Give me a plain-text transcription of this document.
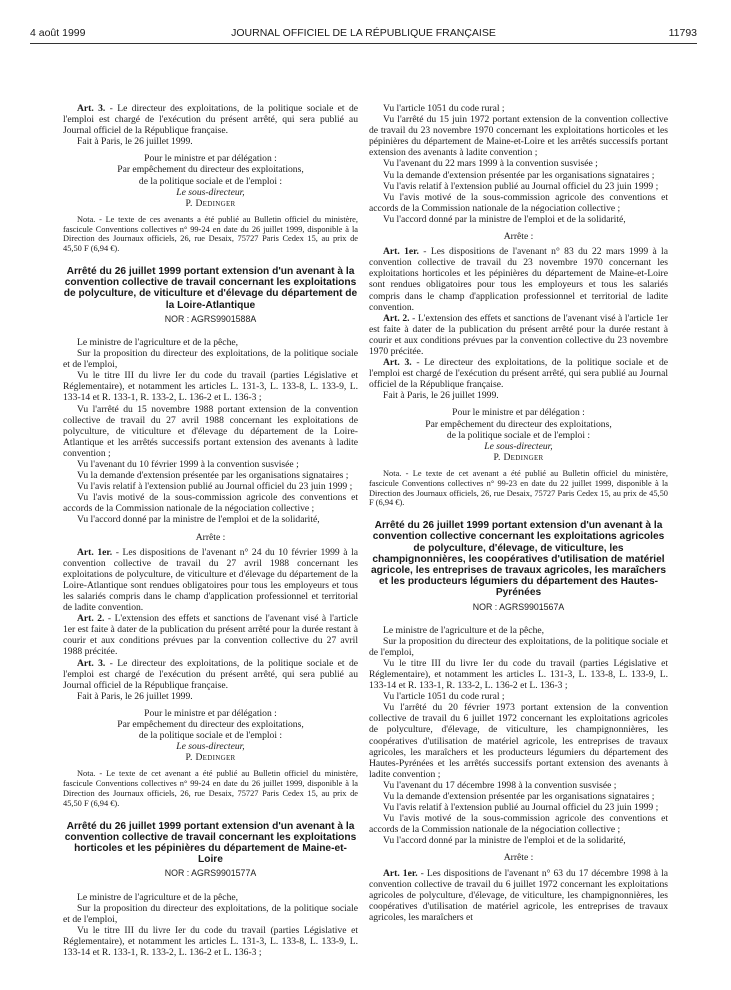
4 août 1999	JOURNAL OFFICIEL DE LA RÉPUBLIQUE FRANÇAISE	11793

Art. 3. - Le directeur des exploitations, de la politique sociale et de l'emploi est chargé de l'exécution du présent arrêté, qui sera publié au Journal officiel de la République française.

Fait à Paris, le 26 juillet 1999.

Pour le ministre et par délégation :

Par empêchement du directeur des exploitations,

de la politique sociale et de l'emploi :

Le sous-directeur,

P. Dedinger

Nota. - Le texte de ces avenants a été publié au Bulletin officiel du ministère, fascicule Conventions collectives n° 99-24 en date du 26 juillet 1999, disponible à la Direction des Journaux officiels, 26, rue Desaix, 75727 Paris Cedex 15, au prix de 45,50 F (6,94 €).

Arrêté du 26 juillet 1999 portant extension d'un avenant à la convention collective de travail concernant les exploitations de polyculture, de viticulture et d'élevage du département de la Loire-Atlantique
NOR : AGRS9901588A

Le ministre de l'agriculture et de la pêche,

Sur la proposition du directeur des exploitations, de la politique sociale et de l'emploi,

Vu le titre III du livre Ier du code du travail (parties Législative et Réglementaire), et notamment les articles L. 131-3, L. 133-8, L. 133-9, L. 133-14 et R. 133-1, R. 133-2, L. 136-2 et L. 136-3 ;

Vu l'arrêté du 15 novembre 1988 portant extension de la convention collective de travail du 27 avril 1988 concernant les exploitations de polyculture, de viticulture et d'élevage du département de la Loire-Atlantique et les arrêtés successifs portant extension des avenants à ladite convention ;

Vu l'avenant du 10 février 1999 à la convention susvisée ;

Vu la demande d'extension présentée par les organisations signataires ;

Vu l'avis relatif à l'extension publié au Journal officiel du 23 juin 1999 ;

Vu l'avis motivé de la sous-commission agricole des conventions et accords de la Commission nationale de la négociation collective ;

Vu l'accord donné par la ministre de l'emploi et de la solidarité,

Arrête :

Art. 1er. - Les dispositions de l'avenant n° 24 du 10 février 1999 à la convention collective de travail du 27 avril 1988 concernant les exploitations de polyculture, de viticulture et d'élevage du département de la Loire-Atlantique sont rendues obligatoires pour tous les employeurs et tous les salariés compris dans le champ d'application professionnel et territorial de ladite convention.

Art. 2. - L'extension des effets et sanctions de l'avenant visé à l'article 1er est faite à dater de la publication du présent arrêté pour la durée restant à courir et aux conditions prévues par la convention collective du 27 avril 1988 précitée.

Art. 3. - Le directeur des exploitations, de la politique sociale et de l'emploi est chargé de l'exécution du présent arrêté, qui sera publié au Journal officiel de la République française.

Fait à Paris, le 26 juillet 1999.

Pour le ministre et par délégation :

Par empêchement du directeur des exploitations,

de la politique sociale et de l'emploi :

Le sous-directeur,

P. Dedinger

Nota. - Le texte de cet avenant a été publié au Bulletin officiel du ministère, fascicule Conventions collectives n° 99-24 en date du 26 juillet 1999, disponible à la Direction des Journaux officiels, 26, rue Desaix, 75727 Paris Cedex 15, au prix de 45,50 F (6,94 €).

Arrêté du 26 juillet 1999 portant extension d'un avenant à la convention collective de travail concernant les exploitations horticoles et les pépinières du département de Maine-et-Loire
NOR : AGRS9901577A

Le ministre de l'agriculture et de la pêche,

Sur la proposition du directeur des exploitations, de la politique sociale et de l'emploi,

Vu le titre III du livre Ier du code du travail (parties Législative et Réglementaire), et notamment les articles L. 131-3, L. 133-8, L. 133-9, L. 133-14 et R. 133-1, R. 133-2, L. 136-2 et L. 136-3 ;

Vu l'article 1051 du code rural ;

Vu l'arrêté du 15 juin 1972 portant extension de la convention collective de travail du 23 novembre 1970 concernant les exploitations horticoles et les pépinières du département de Maine-et-Loire et les arrêtés successifs portant extension des avenants à ladite convention ;

Vu l'avenant du 22 mars 1999 à la convention susvisée ;

Vu la demande d'extension présentée par les organisations signataires ;

Vu l'avis relatif à l'extension publié au Journal officiel du 23 juin 1999 ;

Vu l'avis motivé de la sous-commission agricole des conventions et accords de la Commission nationale de la négociation collective ;

Vu l'accord donné par la ministre de l'emploi et de la solidarité,

Arrête :

Art. 1er. - Les dispositions de l'avenant n° 83 du 22 mars 1999 à la convention collective de travail du 23 novembre 1970 concernant les exploitations horticoles et les pépinières du département de Maine-et-Loire sont rendues obligatoires pour tous les employeurs et tous les salariés compris dans le champ d'application professionnel et territorial de ladite convention.

Art. 2. - L'extension des effets et sanctions de l'avenant visé à l'article 1er est faite à dater de la publication du présent arrêté pour la durée restant à courir et aux conditions prévues par la convention collective du 23 novembre 1970 précitée.

Art. 3. - Le directeur des exploitations, de la politique sociale et de l'emploi est chargé de l'exécution du présent arrêté, qui sera publié au Journal officiel de la République française.

Fait à Paris, le 26 juillet 1999.

Pour le ministre et par délégation :

Par empêchement du directeur des exploitations,

de la politique sociale et de l'emploi :

Le sous-directeur,

P. Dedinger

Nota. - Le texte de cet avenant a été publié au Bulletin officiel du ministère, fascicule Conventions collectives n° 99-23 en date du 22 juillet 1999, disponible à la Direction des Journaux officiels, 26, rue Desaix, 75727 Paris Cedex 15, au prix de 45,50 F (6,94 €).

Arrêté du 26 juillet 1999 portant extension d'un avenant à la convention collective concernant les exploitations agricoles de polyculture, d'élevage, de viticulture, les champignonnières, les coopératives d'utilisation de matériel agricole, les entreprises de travaux agricoles, les maraîchers et les producteurs légumiers du département des Hautes-Pyrénées
NOR : AGRS9901567A

Le ministre de l'agriculture et de la pêche,

Sur la proposition du directeur des exploitations, de la politique sociale et de l'emploi,

Vu le titre III du livre Ier du code du travail (parties Législative et Réglementaire), et notamment les articles L. 131-3, L. 133-8, L. 133-9, L. 133-14 et R. 133-1, R. 133-2, L. 136-2 et L. 136-3 ;

Vu l'article 1051 du code rural ;

Vu l'arrêté du 20 février 1973 portant extension de la convention collective de travail du 6 juillet 1972 concernant les exploitations agricoles de polyculture, d'élevage, de viticulture, les champignonnières, les coopératives d'utilisation de matériel agricole, les entreprises de travaux agricoles, les maraîchers et les producteurs légumiers du département des Hautes-Pyrénées et les arrêtés successifs portant extension des avenants à ladite convention ;

Vu l'avenant du 17 décembre 1998 à la convention susvisée ;

Vu la demande d'extension présentée par les organisations signataires ;

Vu l'avis relatif à l'extension publié au Journal officiel du 23 juin 1999 ;

Vu l'avis motivé de la sous-commission agricole des conventions et accords de la Commission nationale de la négociation collective ;

Vu l'accord donné par la ministre de l'emploi et de la solidarité,

Arrête :

Art. 1er. - Les dispositions de l'avenant n° 63 du 17 décembre 1998 à la convention collective de travail du 6 juillet 1972 concernant les exploitations agricoles de polyculture, d'élevage, de viticulture, les champignonnières, les coopératives d'utilisation de matériel agricole, les entreprises de travaux agricoles, les maraîchers et
